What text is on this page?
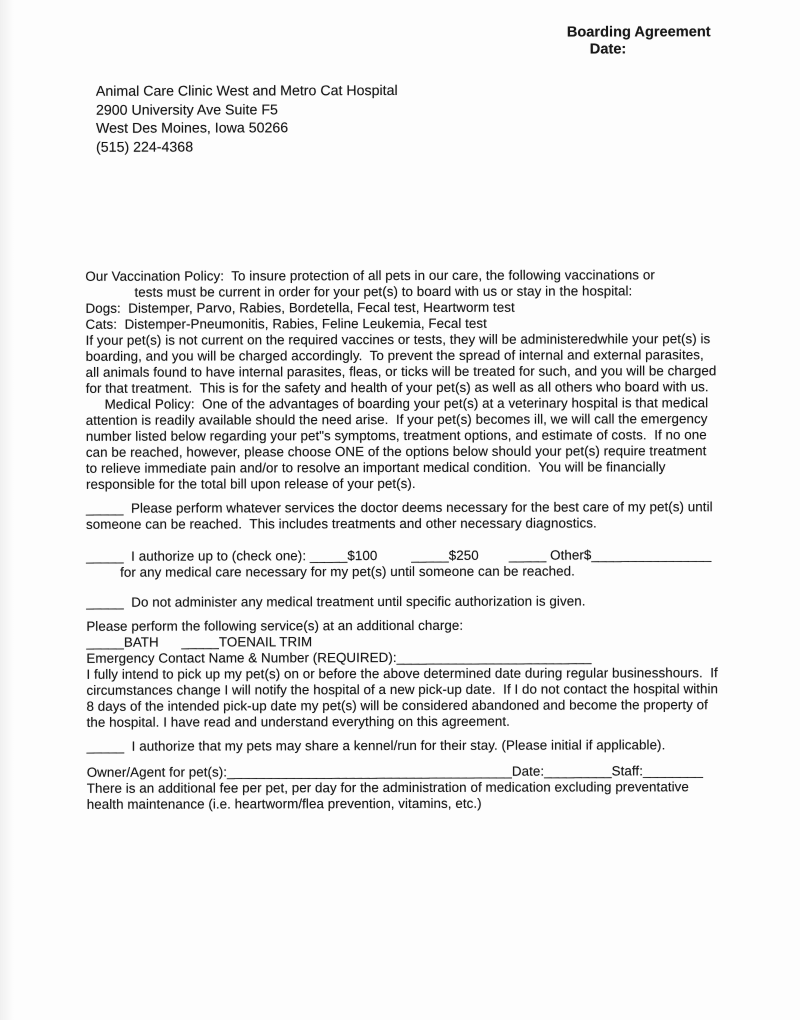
Boarding Agreement
Date:
Animal Care Clinic West and Metro Cat Hospital
2900 University Ave Suite F5
West Des Moines, Iowa 50266
(515) 224-4368
Our Vaccination Policy:  To insure protection of all pets in our care, the following vaccinations or
tests must be current in order for your pet(s) to board with us or stay in the hospital:
Dogs:  Distemper, Parvo, Rabies, Bordetella, Fecal test, Heartworm test
Cats:  Distemper-Pneumonitis, Rabies, Feline Leukemia, Fecal test
If your pet(s) is not current on the required vaccines or tests, they will be administeredwhile your pet(s) is
boarding, and you will be charged accordingly.  To prevent the spread of internal and external parasites,
all animals found to have internal parasites, fleas, or ticks will be treated for such, and you will be charged
for that treatment.  This is for the safety and health of your pet(s) as well as all others who board with us.
Medical Policy:  One of the advantages of boarding your pet(s) at a veterinary hospital is that medical
attention is readily available should the need arise.  If your pet(s) becomes ill, we will call the emergency
number listed below regarding your pet"s symptoms, treatment options, and estimate of costs.  If no one
can be reached, however, please choose ONE of the options below should your pet(s) require treatment
to relieve immediate pain and/or to resolve an important medical condition.  You will be financially
responsible for the total bill upon release of your pet(s).
_____  Please perform whatever services the doctor deems necessary for the best care of my pet(s) until
someone can be reached.  This includes treatments and other necessary diagnostics.
_____  I authorize up to (check one): _____$100         _____$250        _____ Other$________________
for any medical care necessary for my pet(s) until someone can be reached.
_____  Do not administer any medical treatment until specific authorization is given.
Please perform the following service(s) at an additional charge:
_____BATH      _____TOENAIL TRIM
Emergency Contact Name & Number (REQUIRED):__________________________
I fully intend to pick up my pet(s) on or before the above determined date during regular businesshours.  If
circumstances change I will notify the hospital of a new pick-up date.  If I do not contact the hospital within
8 days of the intended pick-up date my pet(s) will be considered abandoned and become the property of
the hospital. I have read and understand everything on this agreement.
_____  I authorize that my pets may share a kennel/run for their stay. (Please initial if applicable).
Owner/Agent for pet(s):______________________________________Date:_________Staff:________
There is an additional fee per pet, per day for the administration of medication excluding preventative
health maintenance (i.e. heartworm/flea prevention, vitamins, etc.)
